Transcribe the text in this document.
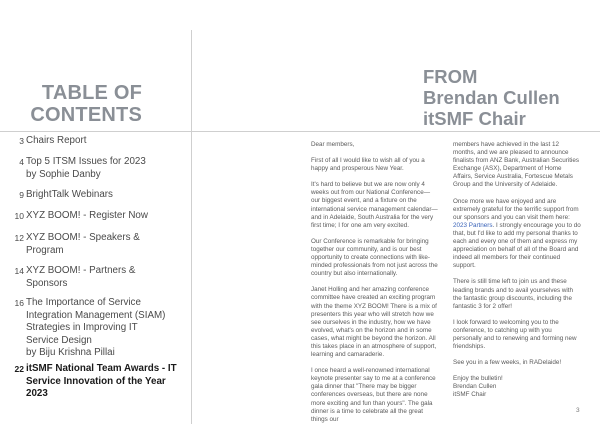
TABLE OF
CONTENTS
FROM
Brendan Cullen
itSMF Chair
3 Chairs Report
4 Top 5 ITSM Issues for 2023
by Sophie Danby
9 BrightTalk Webinars
10 XYZ BOOM! - Register Now
12 XYZ BOOM! - Speakers &
Program
14 XYZ BOOM! - Partners &
Sponsors
16 The Importance of Service
Integration Management (SIAM)
Strategies in Improving IT
Service Design
by Biju Krishna Pillai
22 itSMF National Team Awards - IT
Service Innovation of the Year
2023

Dear members,

First of all I would like to wish all of you a happy and prosperous New Year.

It's hard to believe but we are now only 4 weeks out from our National Conference—our biggest event, and a fixture on the international service management calendar—and in Adelaide, South Australia for the very first time; I for one am very excited.

Our Conference is remarkable for bringing together our community, and is our best opportunity to create connections with like-minded professionals from not just across the country but also internationally.

Janet Holling and her amazing conference committee have created an exciting program with the theme XYZ BOOM! There is a mix of presenters this year who will stretch how we see ourselves in the industry, how we have evolved, what's on the horizon and in some cases, what might be beyond the horizon. All this takes place in an atmosphere of support, learning and camaraderie.

I once heard a well-renowned international keynote presenter say to me at a conference gala dinner that "There may be bigger conferences overseas, but there are none more exciting and fun than yours". The gala dinner is a time to celebrate all the great things our

members have achieved in the last 12 months, and we are pleased to announce finalists from ANZ Bank, Australian Securities Exchange (ASX), Department of Home Affairs, Service Australia, Fortescue Metals Group and the University of Adelaide.

Once more we have enjoyed and are extremely grateful for the terrific support from our sponsors and you can visit them here: 2023 Partners. I strongly encourage you to do that, but I'd like to add my personal thanks to each and every one of them and express my appreciation on behalf of all of the Board and indeed all members for their continued support.

There is still time left to join us and these leading brands and to avail yourselves with the fantastic group discounts, including the fantastic 3 for 2 offer!

I look forward to welcoming you to the conference, to catching up with you personally and to renewing and forming new friendships.

See you in a few weeks, in RADelaide!

Enjoy the bulletin!
Brendan Cullen
itSMF Chair
3
